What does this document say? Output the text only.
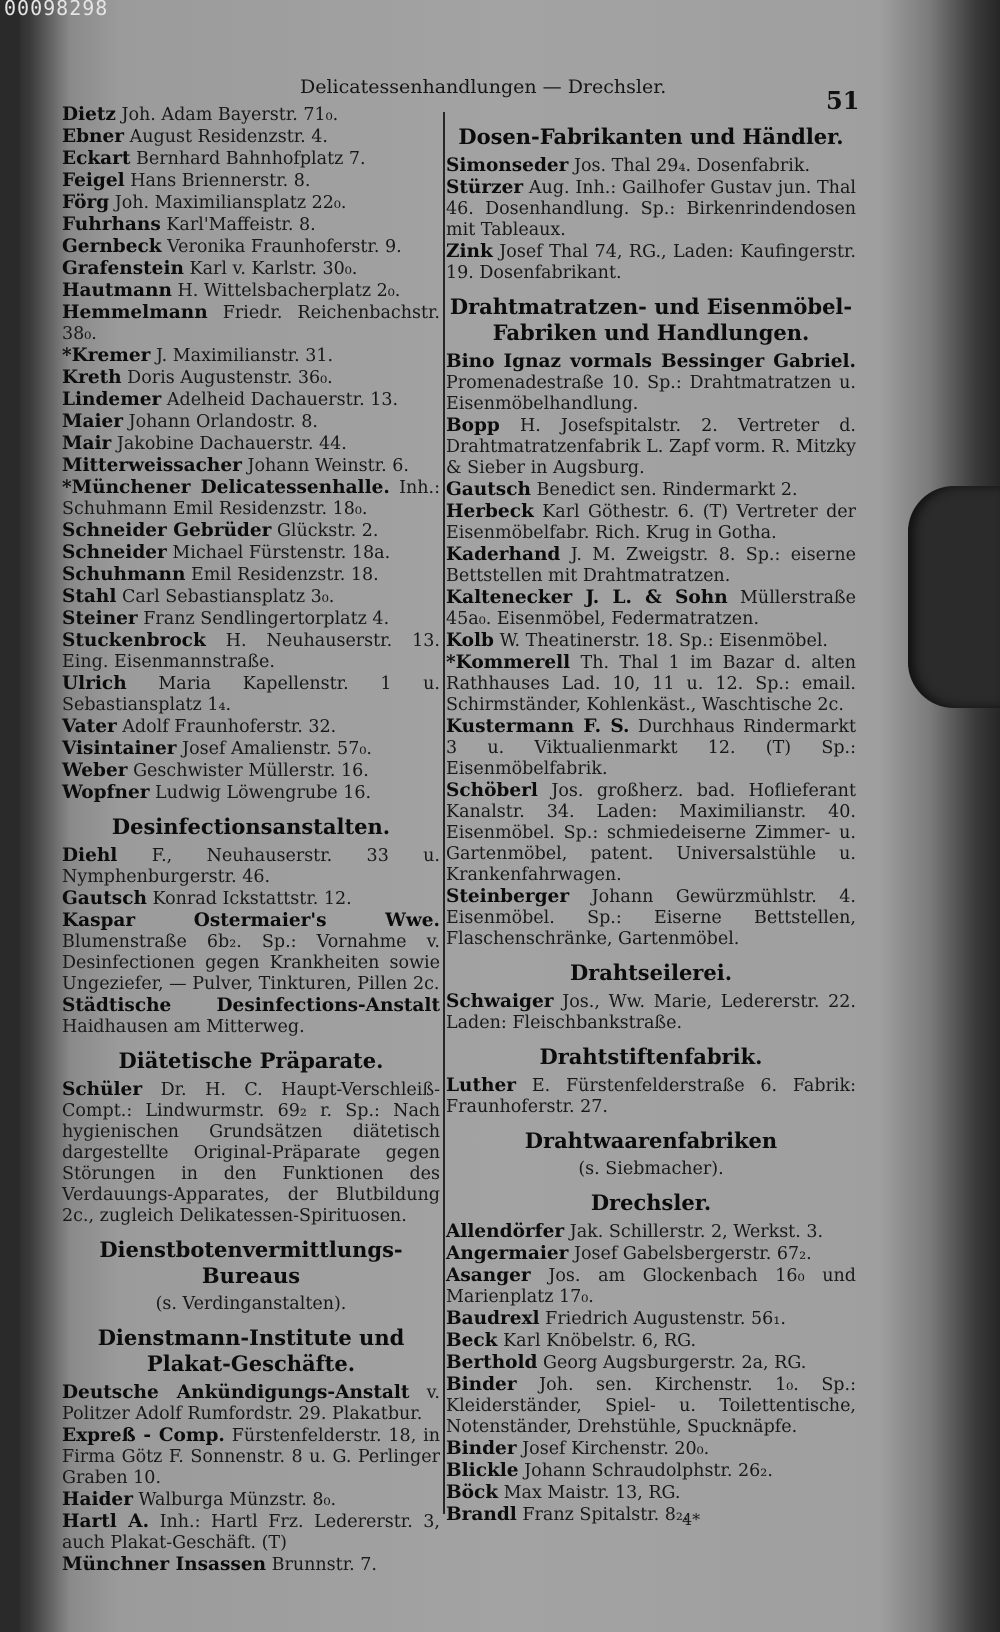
00098298
Delicatessenhandlungen — Drechsler.	51

Dietz Joh. Adam Bayerstr. 71₀.

Ebner August Residenzstr. 4.

Eckart Bernhard Bahnhofplatz 7.

Feigel Hans Briennerstr. 8.

Förg Joh. Maximiliansplatz 22₀.

Fuhrhans Karl'Maffeistr. 8.

Gernbeck Veronika Fraunhoferstr. 9.

Grafenstein Karl v. Karlstr. 30₀.

Hautmann H. Wittelsbacherplatz 2₀.

Hemmelmann Friedr. Reichenbachstr. 38₀.

*Kremer J. Maximilianstr. 31.

Kreth Doris Augustenstr. 36₀.

Lindemer Adelheid Dachauerstr. 13.

Maier Johann Orlandostr. 8.

Mair Jakobine Dachauerstr. 44.

Mitterweissacher Johann Weinstr. 6.

*Münchener Delicatessenhalle. Inh.: Schuhmann Emil Residenzstr. 18₀.

Schneider Gebrüder Glückstr. 2.

Schneider Michael Fürstenstr. 18a.

Schuhmann Emil Residenzstr. 18.

Stahl Carl Sebastiansplatz 3₀.

Steiner Franz Sendlingertorplatz 4.

Stuckenbrock H. Neuhauserstr. 13. Eing. Eisenmannstraße.

Ulrich Maria Kapellenstr. 1 u. Sebastiansplatz 1₄.

Vater Adolf Fraunhoferstr. 32.

Visintainer Josef Amalienstr. 57₀.

Weber Geschwister Müllerstr. 16.

Wopfner Ludwig Löwengrube 16.

Desinfectionsanstalten.

Diehl F., Neuhauserstr. 33 u. Nymphenburgerstr. 46.

Gautsch Konrad Ickstattstr. 12.

Kaspar Ostermaier's Wwe. Blumenstraße 6b₂. Sp.: Vornahme v. Desinfectionen gegen Krankheiten sowie Ungeziefer, — Pulver, Tinkturen, Pillen 2c.

Städtische Desinfections-Anstalt Haidhausen am Mitterweg.

Diätetische Präparate.

Schüler Dr. H. C. Haupt-Verschleiß-Compt.: Lindwurmstr. 69₂ r. Sp.: Nach hygienischen Grundsätzen diätetisch dargestellte Original-Präparate gegen Störungen in den Funktionen des Verdauungs-Apparates, der Blutbildung 2c., zugleich Delikatessen-Spirituosen.

Dienstbotenvermittlungs-Bureaus

(s. Verdinganstalten).

Dienstmann-Institute und Plakat-Geschäfte.

Deutsche Ankündigungs-Anstalt v. Politzer Adolf Rumfordstr. 29. Plakatbur.

Expreß - Comp. Fürstenfelderstr. 18, in Firma Götz F. Sonnenstr. 8 u. G. Perlinger Graben 10.

Haider Walburga Münzstr. 8₀.

Hartl A. Inh.: Hartl Frz. Ledererstr. 3, auch Plakat-Geschäft. (T)

Münchner Insassen Brunnstr. 7.

Dosen-Fabrikanten und Händler.

Simonseder Jos. Thal 29₄. Dosenfabrik.

Stürzer Aug. Inh.: Gailhofer Gustav jun. Thal 46. Dosenhandlung. Sp.: Birkenrindendosen mit Tableaux.

Zink Josef Thal 74, RG., Laden: Kaufingerstr. 19. Dosenfabrikant.

Drahtmatratzen- und Eisenmöbel-Fabriken und Handlungen.

Bino Ignaz vormals Bessinger Gabriel. Promenadestraße 10. Sp.: Drahtmatratzen u. Eisenmöbelhandlung.

Bopp H. Josefspitalstr. 2. Vertreter d. Drahtmatratzenfabrik L. Zapf vorm. R. Mitzky & Sieber in Augsburg.

Gautsch Benedict sen. Rindermarkt 2.

Herbeck Karl Göthestr. 6. (T) Vertreter der Eisenmöbelfabr. Rich. Krug in Gotha.

Kaderhand J. M. Zweigstr. 8. Sp.: eiserne Bettstellen mit Drahtmatratzen.

Kaltenecker J. L. & Sohn Müllerstraße 45a₀. Eisenmöbel, Federmatratzen.

Kolb W. Theatinerstr. 18. Sp.: Eisenmöbel.

*Kommerell Th. Thal 1 im Bazar d. alten Rathhauses Lad. 10, 11 u. 12. Sp.: email. Schirmständer, Kohlenkäst., Waschtische 2c.

Kustermann F. S. Durchhaus Rindermarkt 3 u. Viktualienmarkt 12. (T) Sp.: Eisenmöbelfabrik.

Schöberl Jos. großherz. bad. Hoflieferant Kanalstr. 34. Laden: Maximilianstr. 40. Eisenmöbel. Sp.: schmiedeiserne Zimmer- u. Gartenmöbel, patent. Universalstühle u. Krankenfahrwagen.

Steinberger Johann Gewürzmühlstr. 4. Eisenmöbel. Sp.: Eiserne Bettstellen, Flaschenschränke, Gartenmöbel.

Drahtseilerei.

Schwaiger Jos., Ww. Marie, Ledererstr. 22. Laden: Fleischbankstraße.

Drahtstiftenfabrik.

Luther E. Fürstenfelderstraße 6. Fabrik: Fraunhoferstr. 27.

Drahtwaarenfabriken

(s. Siebmacher).

Drechsler.

Allendörfer Jak. Schillerstr. 2, Werkst. 3.

Angermaier Josef Gabelsbergerstr. 67₂.

Asanger Jos. am Glockenbach 16₀ und Marienplatz 17₀.

Baudrexl Friedrich Augustenstr. 56₁.

Beck Karl Knöbelstr. 6, RG.

Berthold Georg Augsburgerstr. 2a, RG.

Binder Joh. sen. Kirchenstr. 1₀. Sp.: Kleiderständer, Spiel- u. Toilettentische, Notenständer, Drehstühle, Spucknäpfe.

Binder Josef Kirchenstr. 20₀.

Blickle Johann Schraudolphstr. 26₂.

Böck Max Maistr. 13, RG.

Brandl Franz Spitalstr. 8₂.

4*
